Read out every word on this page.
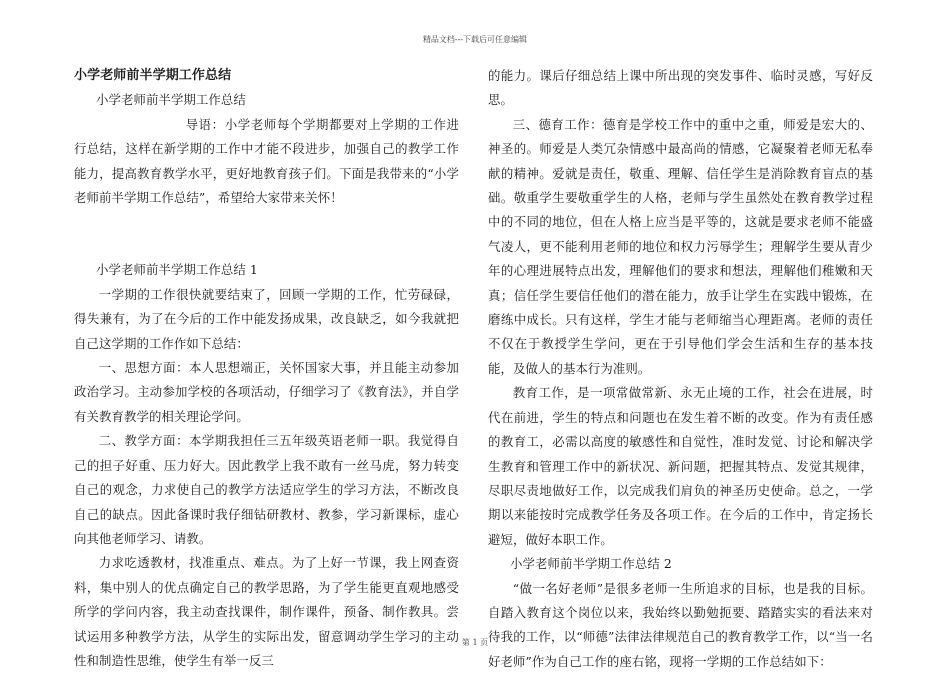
精品文档---下载后可任意编辑

小学老师前半学期工作总结

小学老师前半学期工作总结

导语：小学老师每个学期都要对上学期的工作进行总结，这样在新学期的工作中才能不段进步，加强自己的教学工作能力，提高教育教学水平，更好地教育孩子们。下面是我带来的“小学老师前半学期工作总结”，希望给大家带来关怀！

小学老师前半学期工作总结 1

一学期的工作很快就要结束了，回顾一学期的工作，忙劳碌碌，得失兼有，为了在今后的工作中能发扬成果，改良缺乏，如今我就把自己这学期的工作作如下总结：

一、思想方面：本人思想端正，关怀国家大事，并且能主动参加政治学习。主动参加学校的各项活动，仔细学习了《教育法》，并自学有关教育教学的相关理论学问。

二、教学方面：本学期我担任三五年级英语老师一职。我觉得自己的担子好重、压力好大。因此教学上我不敢有一丝马虎，努力转变自己的观念，力求使自己的教学方法适应学生的学习方法，不断改良自己的缺点。因此备课时我仔细钻研教材、教参，学习新课标，虚心向其他老师学习、请教。

力求吃透教材，找准重点、难点。为了上好一节课，我上网查资料，集中别人的优点确定自己的教学思路，为了学生能更直观地感受所学的学问内容，我主动查找课件，制作课件，预备、制作教具。尝试运用多种教学方法，从学生的实际出发，留意调动学生学习的主动性和制造性思维，使学生有举一反三

的能力。课后仔细总结上课中所出现的突发事件、临时灵感，写好反思。

三、德育工作：德育是学校工作中的重中之重，师爱是宏大的、神圣的。师爱是人类冗杂情感中最高尚的情感，它凝聚着老师无私奉献的精神。爱就是责任，敬重、理解、信任学生是消除教育盲点的基础。敬重学生要敬重学生的人格，老师与学生虽然处在教育教学过程中的不同的地位，但在人格上应当是平等的，这就是要求老师不能盛气凌人，更不能利用老师的地位和权力污辱学生；理解学生要从青少年的心理进展特点出发，理解他们的要求和想法，理解他们稚嫩和天真；信任学生要信任他们的潜在能力，放手让学生在实践中锻炼，在磨练中成长。只有这样，学生才能与老师缩当心理距离。老师的责任不仅在于教授学生学问，更在于引导他们学会生活和生存的基本技能，及做人的基本行为准则。

教育工作，是一项常做常新、永无止境的工作，社会在进展，时代在前进，学生的特点和问题也在发生着不断的改变。作为有责任感的教育工，必需以高度的敏感性和自觉性，准时发觉、讨论和解决学生教育和管理工作中的新状况、新问题，把握其特点、发觉其规律，尽职尽责地做好工作，以完成我们肩负的神圣历史使命。总之，一学期以来能按时完成教学任务及各项工作。在今后的工作中，肯定扬长避短，做好本职工作。

小学老师前半学期工作总结 2

“做一名好老师”是很多老师一生所追求的目标，也是我的目标。自踏入教育这个岗位以来，我始终以勤勉扼要、踏踏实实的看法来对待我的工作，以“师德”法律法律规范自己的教育教学工作，以“当一名好老师”作为自己工作的座右铭，现将一学期的工作总结如下：

第 1 页
